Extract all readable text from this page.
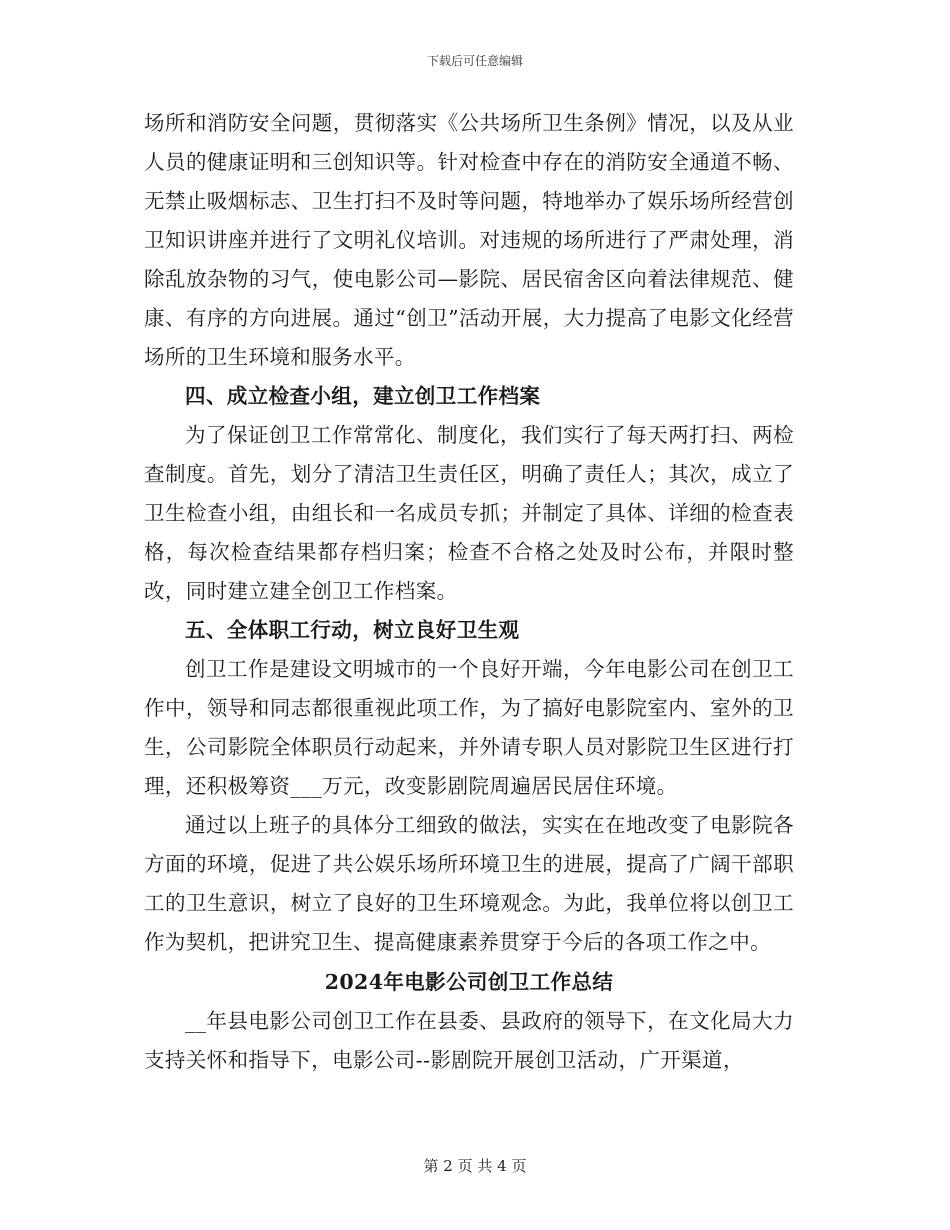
下载后可任意编辑

场所和消防安全问题，贯彻落实《公共场所卫生条例》情况，以及从业人员的健康证明和三创知识等。针对检查中存在的消防安全通道不畅、无禁止吸烟标志、卫生打扫不及时等问题，特地举办了娱乐场所经营创卫知识讲座并进行了文明礼仪培训。对违规的场所进行了严肃处理，消除乱放杂物的习气，使电影公司—影院、居民宿舍区向着法律规范、健康、有序的方向进展。通过“创卫”活动开展，大力提高了电影文化经营场所的卫生环境和服务水平。

四、成立检查小组，建立创卫工作档案

为了保证创卫工作常常化、制度化，我们实行了每天两打扫、两检查制度。首先，划分了清洁卫生责任区，明确了责任人；其次，成立了卫生检查小组，由组长和一名成员专抓；并制定了具体、详细的检查表格，每次检查结果都存档归案；检查不合格之处及时公布，并限时整改，同时建立建全创卫工作档案。

五、全体职工行动，树立良好卫生观

创卫工作是建设文明城市的一个良好开端，今年电影公司在创卫工作中，领导和同志都很重视此项工作，为了搞好电影院室内、室外的卫生，公司影院全体职员行动起来，并外请专职人员对影院卫生区进行打理，还积极筹资___万元，改变影剧院周遍居民居住环境。

通过以上班子的具体分工细致的做法，实实在在地改变了电影院各方面的环境，促进了共公娱乐场所环境卫生的进展，提高了广阔干部职工的卫生意识，树立了良好的卫生环境观念。为此，我单位将以创卫工作为契机，把讲究卫生、提高健康素养贯穿于今后的各项工作之中。

2024年电影公司创卫工作总结

__年县电影公司创卫工作在县委、县政府的领导下，在文化局大力支持关怀和指导下，电影公司--影剧院开展创卫活动，广开渠道，

第 2 页 共 4 页
